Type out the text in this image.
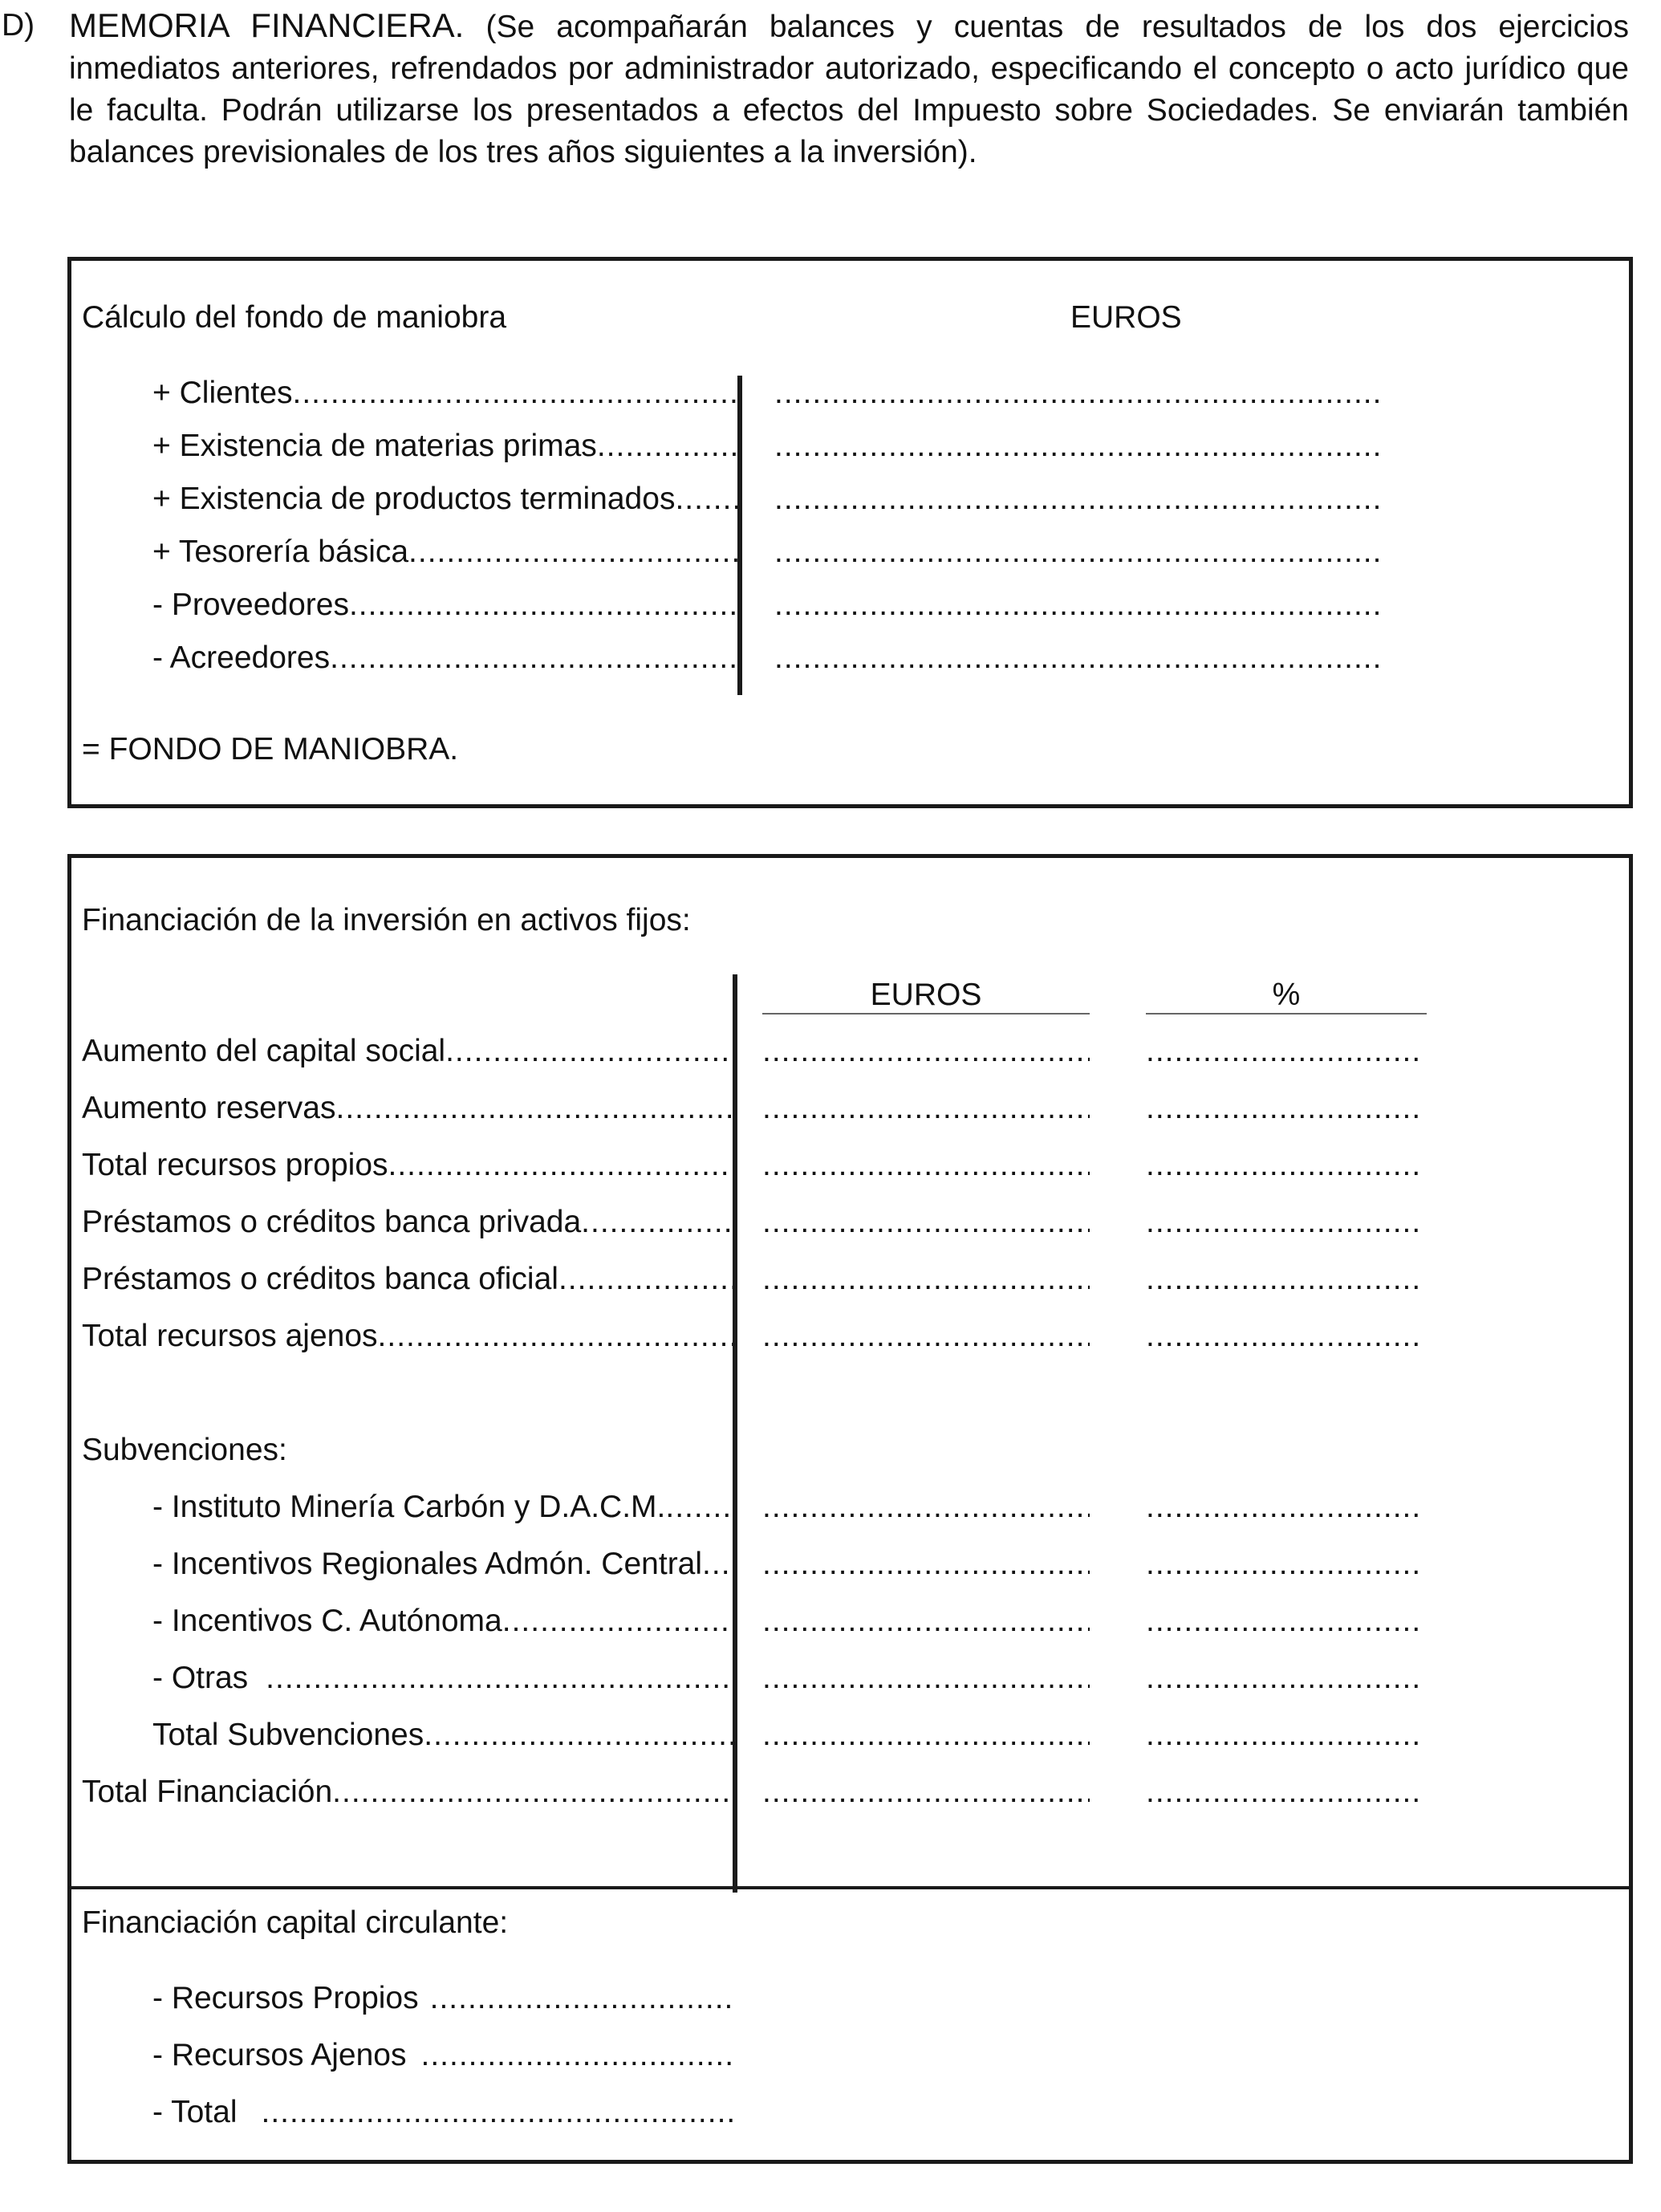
D) MEMORIA FINANCIERA. (Se acompañarán balances y cuentas de resultados de los dos ejercicios inmediatos anteriores, refrendados por administrador autorizado, especificando el concepto o acto jurídico que le faculta. Podrán utilizarse los presentados a efectos del Impuesto sobre Sociedades. Se enviarán también balances previsionales de los tres años siguientes a la inversión).
Cálculo del fondo de maniobra	EUROS
+ Clientes
.....
.....
+ Existencia de materias primas
.....
.....
+ Existencia de productos terminados
.....
.....
+ Tesorería básica
.....
.....
- Proveedores
.....
.....
- Acreedores
.....
.....
= FONDO DE MANIOBRA.
Financiación de la inversión en activos fijos:
EUROS	%
Aumento del capital social
.....
.....
.....
Aumento reservas
.....
.....
.....
Total recursos propios
.....
.....
.....
Préstamos o créditos banca privada
.....
.....
.....
Préstamos o créditos banca oficial
.....
.....
.....
Total recursos ajenos
.....
.....
.....
Subvenciones:
- Instituto Minería Carbón y D.A.C.M.
.....
.....
.....
- Incentivos Regionales Admón. Central
.....
.....
.....
- Incentivos C. Autónoma
.....
.....
.....
- Otras
.....
.....
.....
Total Subvenciones
.....
.....
.....
Total Financiación
.....
.....
.....
Financiación capital circulante:
- Recursos Propios
.....
- Recursos Ajenos
.....
- Total
.....
